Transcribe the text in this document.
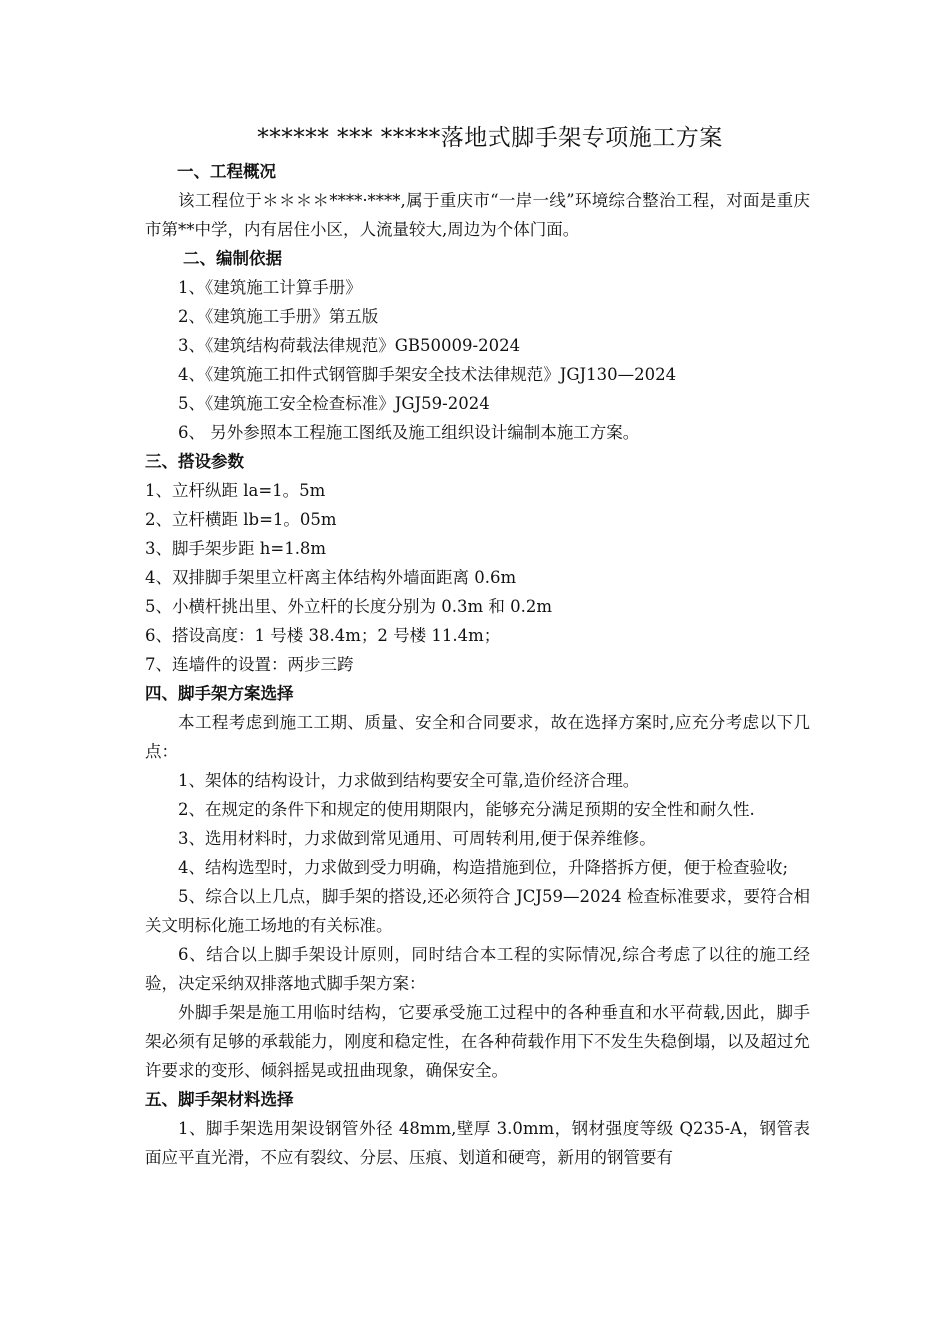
****** *** *****落地式脚手架专项施工方案
一、工程概况
该工程位于＊＊＊＊****·****,属于重庆市“一岸一线”环境综合整治工程，对面是重庆市第**中学，内有居住小区，人流量较大,周边为个体门面。
二、编制依据
1、《建筑施工计算手册》
2、《建筑施工手册》第五版
3、《建筑结构荷载法律规范》GB50009-2024
4、《建筑施工扣件式钢管脚手架安全技术法律规范》JGJ130—2024
5、《建筑施工安全检查标准》JGJ59-2024
6、 另外参照本工程施工图纸及施工组织设计编制本施工方案。
三、搭设参数
1、立杆纵距 la=1。5m
2、立杆横距 lb=1。05m
3、脚手架步距 h=1.8m
4、双排脚手架里立杆离主体结构外墙面距离 0.6m
5、小横杆挑出里、外立杆的长度分别为 0.3m 和 0.2m
6、搭设高度：1 号楼 38.4m；2 号楼 11.4m；
7、连墙件的设置：两步三跨
四、脚手架方案选择
本工程考虑到施工工期、质量、安全和合同要求，故在选择方案时,应充分考虑以下几点：
1、架体的结构设计，力求做到结构要安全可靠,造价经济合理。
2、在规定的条件下和规定的使用期限内，能够充分满足预期的安全性和耐久性.
3、选用材料时，力求做到常见通用、可周转利用,便于保养维修。
4、结构选型时，力求做到受力明确，构造措施到位，升降搭拆方便，便于检查验收;
5、综合以上几点，脚手架的搭设,还必须符合 JCJ59—2024 检查标准要求，要符合相关文明标化施工场地的有关标准。
6、结合以上脚手架设计原则，同时结合本工程的实际情况,综合考虑了以往的施工经验，决定采纳双排落地式脚手架方案：
外脚手架是施工用临时结构，它要承受施工过程中的各种垂直和水平荷载,因此，脚手架必须有足够的承载能力，刚度和稳定性，在各种荷载作用下不发生失稳倒塌，以及超过允许要求的变形、倾斜摇晃或扭曲现象，确保安全。
五、脚手架材料选择
1、脚手架选用架设钢管外径 48mm,壁厚 3.0mm，钢材强度等级 Q235-A，钢管表面应平直光滑，不应有裂纹、分层、压痕、划道和硬弯，新用的钢管要有
